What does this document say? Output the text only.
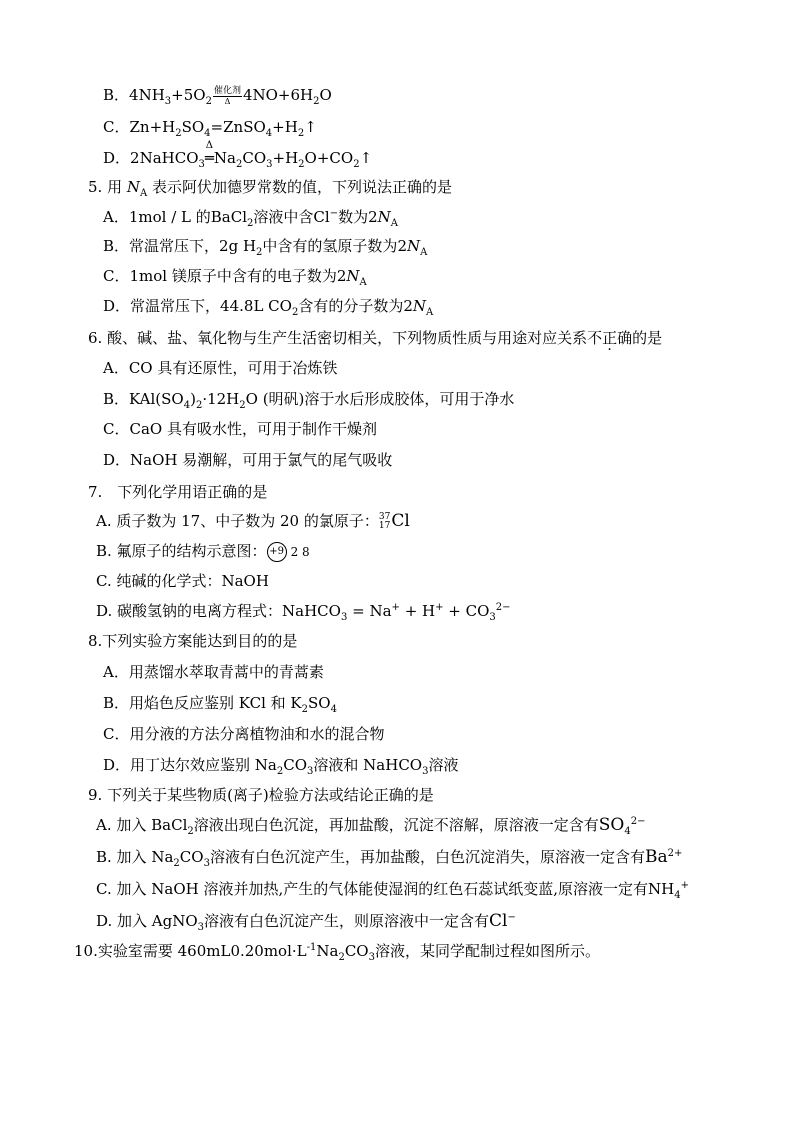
B．$4NH_3+5O_2 \frac{\text{催化剂}}{\Delta} 4NO+6H_2O$
C．$Zn+H_2SO_4=ZnSO_4+H_2↑$
D．2NaHCO$_3$
Δ
$═Na_2CO_3+H_2O+CO_2↑$
5. 用 $N_A$ 表示阿伏加德罗常数的值，下列说法正确的是
A．1mol / L 的BaCl$_2$溶液中含Cl−数为$2N_A$
B．常温常压下，2g $H_2$中含有的氢原子数为$2N_A$
C．1mol 镁原子中含有的电子数为$2N_A$
D．常温常压下，44.8L $CO_2$含有的分子数为$2N_A$
6. 酸、碱、盐、氧化物与生产生活密切相关，下列物质性质与用途对应关系不正确的是
A．CO 具有还原性，可用于冶炼铁
B．$KAl(SO_4)_2\cdot 12H_2O$ (明矾)溶于水后形成胶体，可用于净水
C．CaO 具有吸水性，可用于制作干燥剂
D．NaOH 易潮解，可用于氯气的尾气吸收
7.　下列化学用语正确的是
A. 质子数为 17、中子数为 20 的氯原子： 37
17 Cl
B. 氟原子的结构示意图： +9 2 8
C. 纯碱的化学式：NaOH
D. 碳酸氢钠的电离方程式：NaHCO$_3$ = $Na^+ + H^+ + CO_3^{2-}$
8.下列实验方案能达到目的的是
A．用蒸馏水萃取青蒿中的青蒿素
B．用焰色反应鉴别 KCl 和 $K_2SO_4$
C．用分液的方法分离植物油和水的混合物
D．用丁达尔效应鉴别 $Na_2CO_3$溶液和 NaHCO$_3$溶液
9. 下列关于某些物质(离子)检验方法或结论正确的是
A. 加入 BaCl$_2$溶液出现白色沉淀，再加盐酸，沉淀不溶解，原溶液一定含有$SO_4^{2-}$
B. 加入 $Na_2CO_3$溶液有白色沉淀产生，再加盐酸，白色沉淀消失，原溶液一定含有$Ba^{2+}$
C. 加入 NaOH 溶液并加热,产生的气体能使湿润的红色石蕊试纸变蓝,原溶液一定有$NH_4^+$
D. 加入 AgNO$_3$溶液有白色沉淀产生，则原溶液中一定含有Cl−
10.实验室需要 $460mL0.20mol\cdot L^{-1}Na_2CO_3$溶液，某同学配制过程如图所示。
